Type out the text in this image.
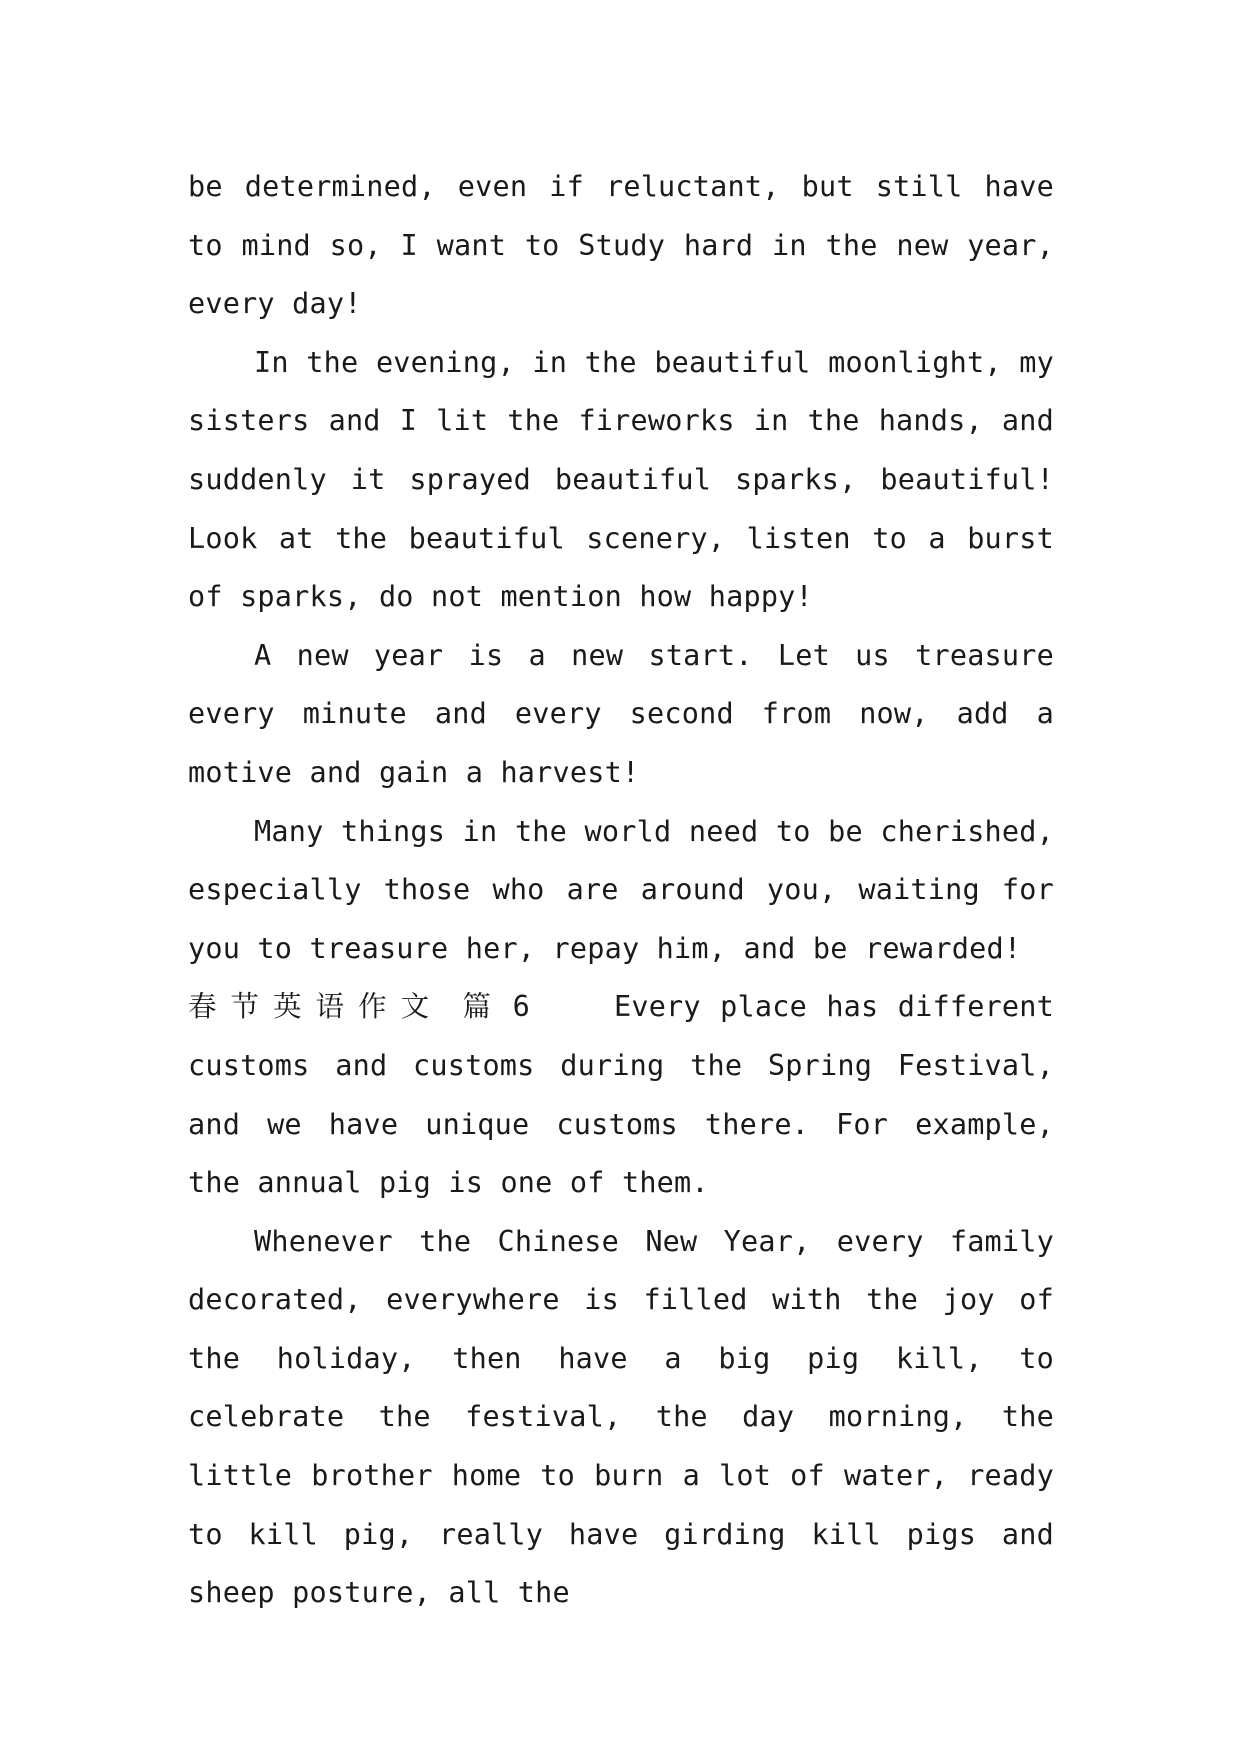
be determined, even if reluctant, but still have to mind so, I want to Study hard in the new year, every day!

In the evening, in the beautiful moonlight, my sisters and I lit the fireworks in the hands, and suddenly it sprayed beautiful sparks, beautiful! Look at the beautiful scenery, listen to a burst of sparks, do not mention how happy!

A new year is a new start. Let us treasure every minute and every second from now, add a motive and gain a harvest!

Many things in the world need to be cherished, especially those who are around you, waiting for you to treasure her, repay him, and be rewarded!

春节英语作文 篇 6	Every place has different customs and customs during the Spring Festival, and we have unique customs there. For example, the annual pig is one of them.

Whenever the Chinese New Year, every family decorated, everywhere is filled with the joy of the holiday, then have a big pig kill, to celebrate the festival, the day morning, the little brother home to burn a lot of water, ready to kill pig, really have girding kill pigs and sheep posture, all the
